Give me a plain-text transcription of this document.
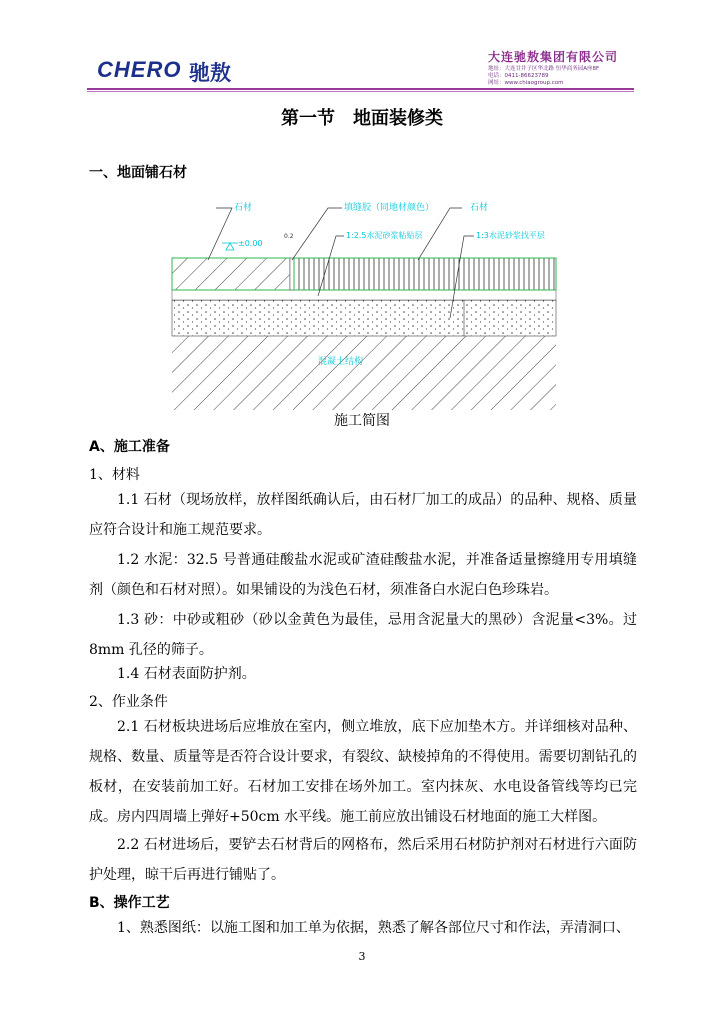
CHERO 驰敖
大连驰敖集团有限公司
地址：大连甘井子区华北路 恒华商务园A座8F
电话：0411-86623789
网址：www.chiaogroup.com
第一节　地面装修类
一、地面铺石材
石材	填缝胶（同地材颜色）	石材
1:2.5水泥砂浆粘贴层	1:3水泥砂浆找平层
±0.00
0.2
混凝土结构
施工简图
A、施工准备
1、材料
1.1 石材（现场放样，放样图纸确认后，由石材厂加工的成品）的品种、规格、质量应符合设计和施工规范要求。
1.2 水泥：32.5 号普通硅酸盐水泥或矿渣硅酸盐水泥，并准备适量擦缝用专用填缝剂（颜色和石材对照）。如果铺设的为浅色石材，须准备白水泥白色珍珠岩。
1.3 砂：中砂或粗砂（砂以金黄色为最佳，忌用含泥量大的黑砂）含泥量<3%。过8mm 孔径的筛子。
1.4 石材表面防护剂。
2、作业条件
2.1 石材板块进场后应堆放在室内，侧立堆放，底下应加垫木方。并详细核对品种、规格、数量、质量等是否符合设计要求，有裂纹、缺棱掉角的不得使用。需要切割钻孔的板材，在安装前加工好。石材加工安排在场外加工。室内抹灰、水电设备管线等均已完成。房内四周墙上弹好+50cm 水平线。施工前应放出铺设石材地面的施工大样图。
2.2 石材进场后，要铲去石材背后的网格布，然后采用石材防护剂对石材进行六面防护处理，晾干后再进行铺贴了。
B、操作工艺
1、熟悉图纸：以施工图和加工单为依据，熟悉了解各部位尺寸和作法，弄清洞口、
3
